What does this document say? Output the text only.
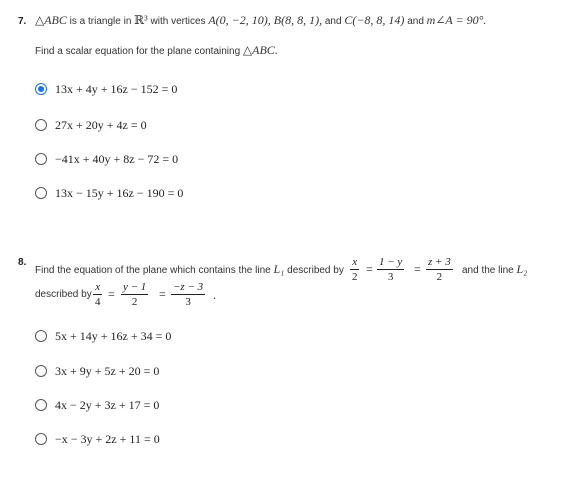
7. △ABC is a triangle in ℝ³ with vertices A(0, −2, 10), B(8, 8, 1), and C(−8, 8, 14) and m∠A = 90°.
Find a scalar equation for the plane containing △ABC.
13x + 4y + 16z − 152 = 0
27x + 20y + 4z = 0
−41x + 40y + 8z − 72 = 0
13x − 15y + 16z − 190 = 0
8.
Find the equation of the plane which contains the line L₁ described by $\frac{x}{2} = \frac{1 - y}{3} = \frac{z + 3}{2}$ and the line L₂
described by $\frac{x}{4} = \frac{y - 1}{2} = \frac{-z - 3}{3}$ .
5x + 14y + 16z + 34 = 0
3x + 9y + 5z + 20 = 0
4x − 2y + 3z + 17 = 0
−x − 3y + 2z + 11 = 0
